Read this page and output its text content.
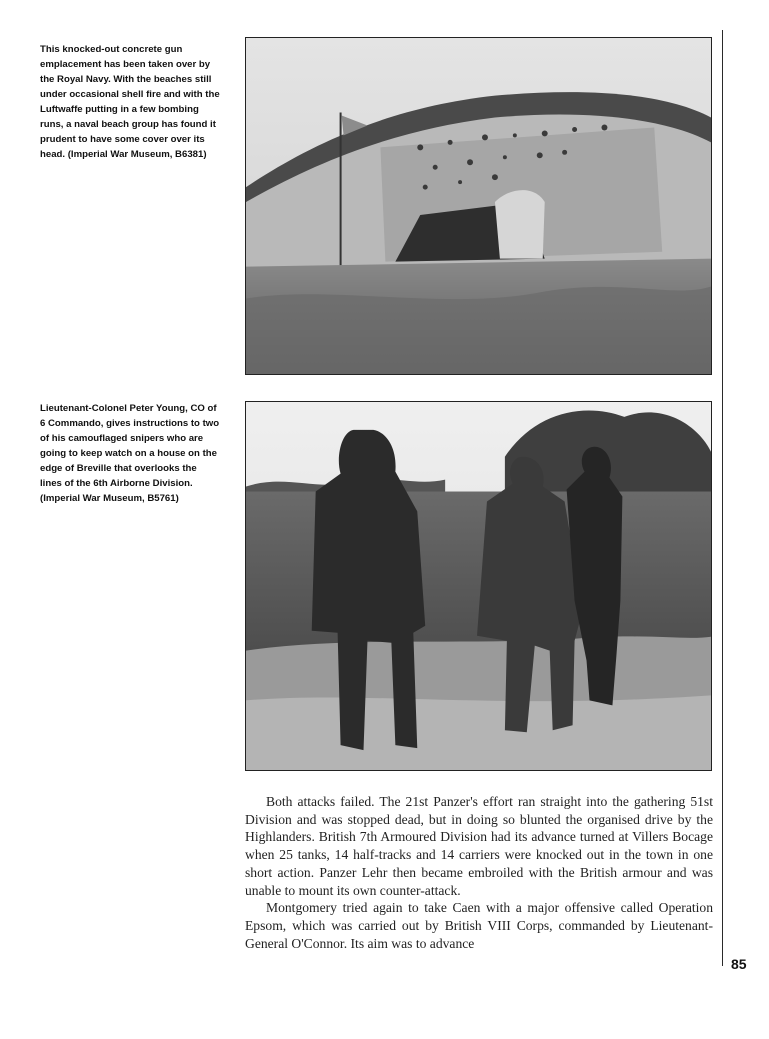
This knocked-out concrete gun emplacement has been taken over by the Royal Navy. With the beaches still under occasional shell fire and with the Luftwaffe putting in a few bombing runs, a naval beach group has found it prudent to have some cover over its head. (Imperial War Museum, B6381)
Lieutenant-Colonel Peter Young, CO of 6 Commando, gives instructions to two of his camouflaged snipers who are going to keep watch on a house on the edge of Breville that overlooks the lines of the 6th Airborne Division. (Imperial War Museum, B5761)

Both attacks failed. The 21st Panzer's effort ran straight into the gathering 51st Division and was stopped dead, but in doing so blunted the organised drive by the Highlanders. British 7th Armoured Division had its advance turned at Villers Bocage when 25 tanks, 14 half-tracks and 14 carriers were knocked out in the town in one short action. Panzer Lehr then became embroiled with the British armour and was unable to mount its own counter-attack.

Montgomery tried again to take Caen with a major offensive called Operation Epsom, which was carried out by British VIII Corps, commanded by Lieutenant-General O'Connor. Its aim was to advance

85
